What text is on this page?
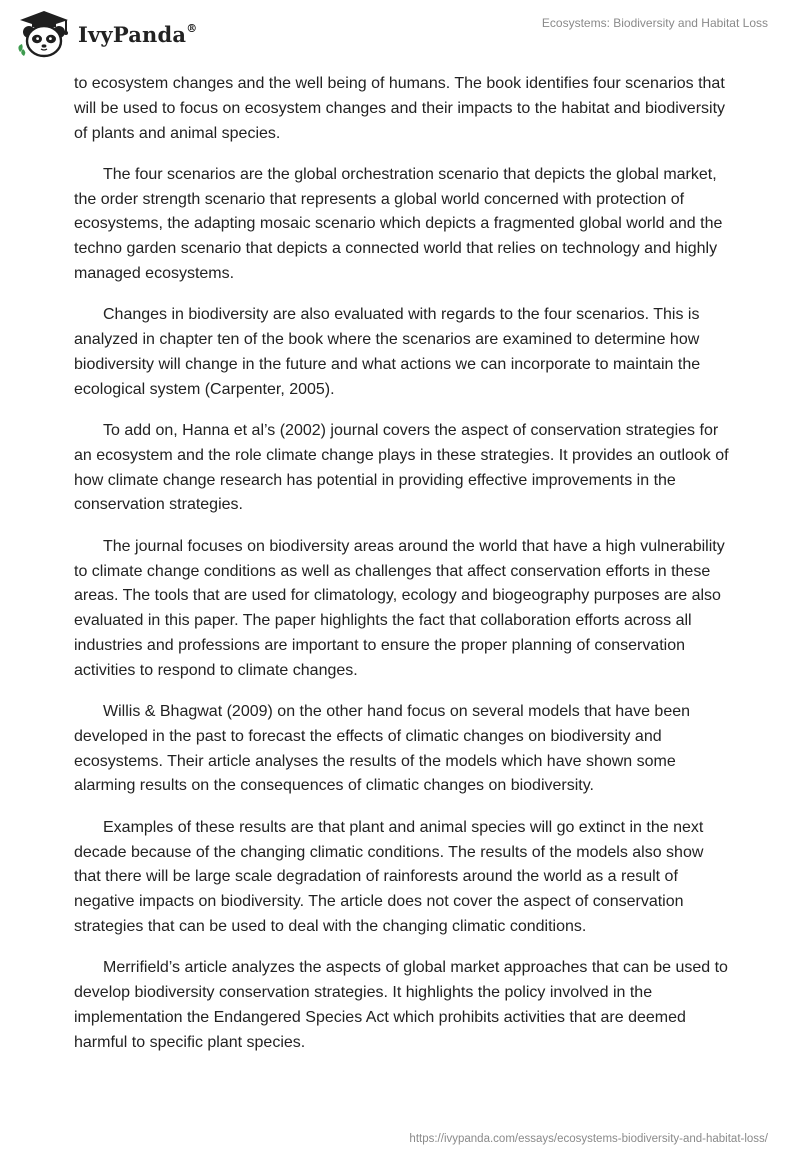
IvyPanda®	Ecosystems: Biodiversity and Habitat Loss

to ecosystem changes and the well being of humans. The book identifies four scenarios that will be used to focus on ecosystem changes and their impacts to the habitat and biodiversity of plants and animal species.

The four scenarios are the global orchestration scenario that depicts the global market, the order strength scenario that represents a global world concerned with protection of ecosystems, the adapting mosaic scenario which depicts a fragmented global world and the techno garden scenario that depicts a connected world that relies on technology and highly managed ecosystems.

Changes in biodiversity are also evaluated with regards to the four scenarios. This is analyzed in chapter ten of the book where the scenarios are examined to determine how biodiversity will change in the future and what actions we can incorporate to maintain the ecological system (Carpenter, 2005).

To add on, Hanna et al’s (2002) journal covers the aspect of conservation strategies for an ecosystem and the role climate change plays in these strategies. It provides an outlook of how climate change research has potential in providing effective improvements in the conservation strategies.

The journal focuses on biodiversity areas around the world that have a high vulnerability to climate change conditions as well as challenges that affect conservation efforts in these areas. The tools that are used for climatology, ecology and biogeography purposes are also evaluated in this paper. The paper highlights the fact that collaboration efforts across all industries and professions are important to ensure the proper planning of conservation activities to respond to climate changes.

Willis & Bhagwat (2009) on the other hand focus on several models that have been developed in the past to forecast the effects of climatic changes on biodiversity and ecosystems. Their article analyses the results of the models which have shown some alarming results on the consequences of climatic changes on biodiversity.

Examples of these results are that plant and animal species will go extinct in the next decade because of the changing climatic conditions. The results of the models also show that there will be large scale degradation of rainforests around the world as a result of negative impacts on biodiversity. The article does not cover the aspect of conservation strategies that can be used to deal with the changing climatic conditions.

Merrifield’s article analyzes the aspects of global market approaches that can be used to develop biodiversity conservation strategies. It highlights the policy involved in the implementation the Endangered Species Act which prohibits activities that are deemed harmful to specific plant species.

https://ivypanda.com/essays/ecosystems-biodiversity-and-habitat-loss/
